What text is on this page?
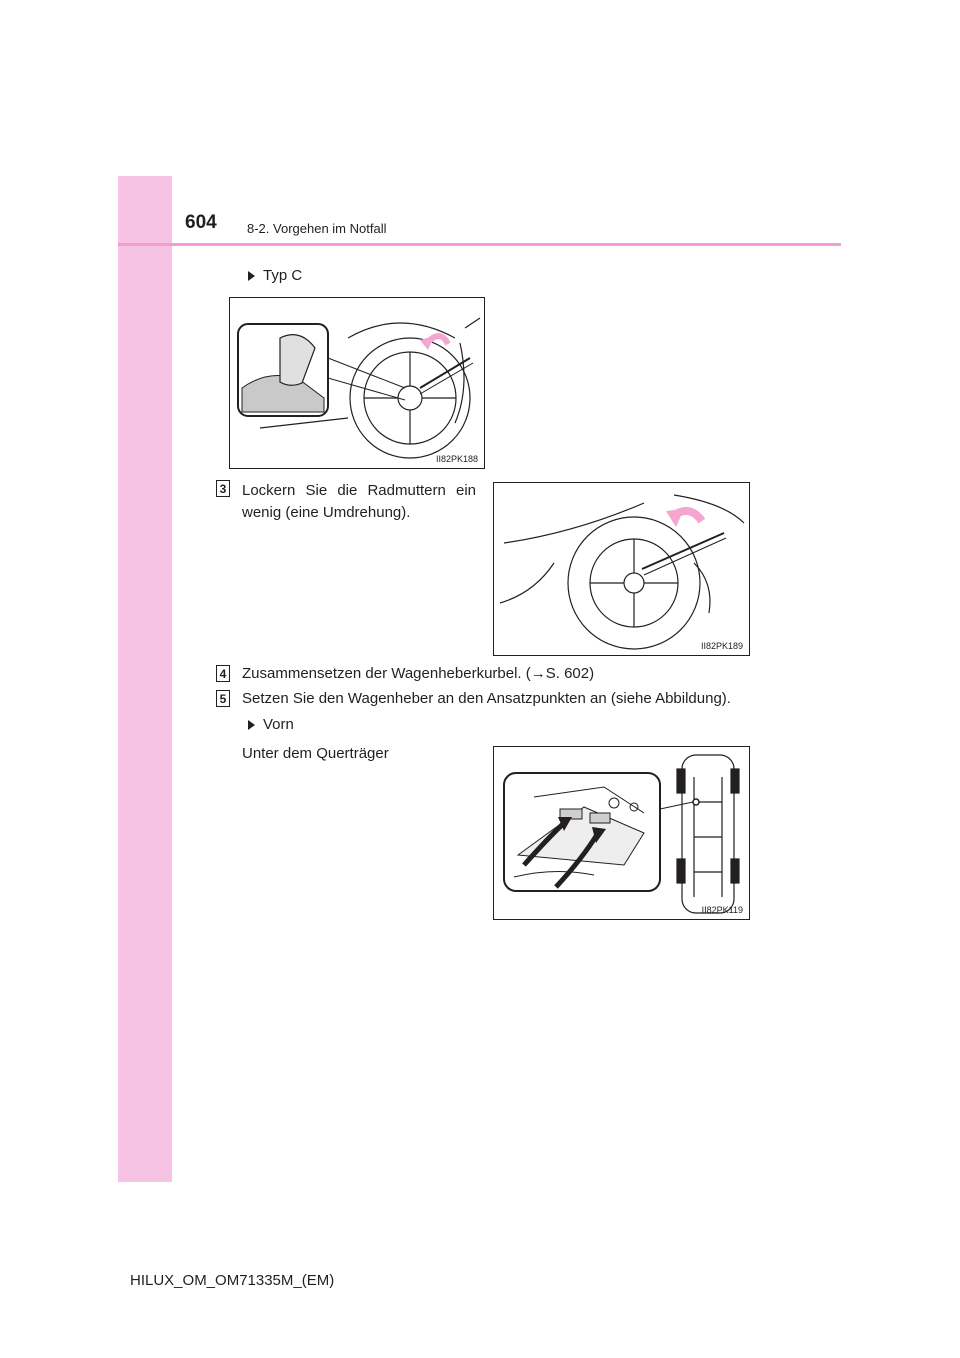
604 8-2. Vorgehen im Notfall
Typ C
II82PK188
3 Lockern Sie die Radmuttern ein
wenig (eine Umdrehung).
II82PK189
4 Zusammensetzen der Wagenheberkurbel. (→S. 602)
5 Setzen Sie den Wagenheber an den Ansatzpunkten an (siehe Abbildung).
Vorn
Unter dem Querträger
II82PK119
HILUX_OM_OM71335M_(EM)
